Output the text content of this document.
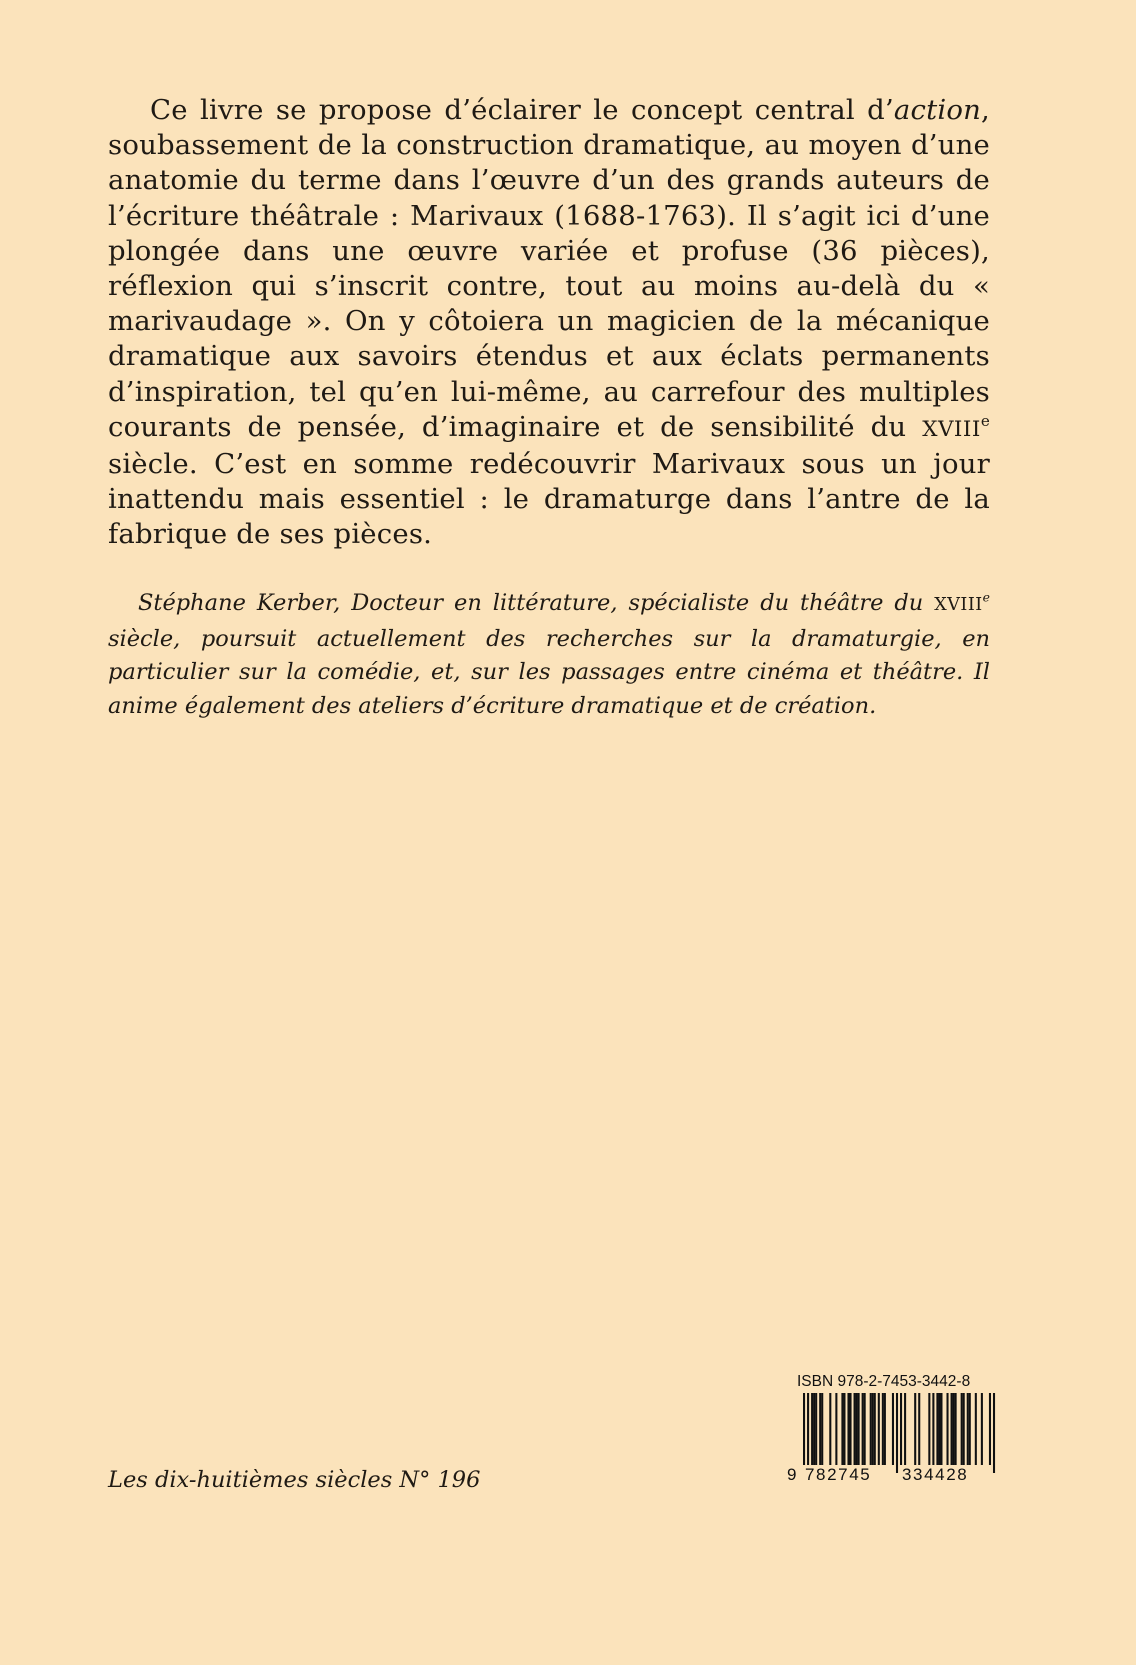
Ce livre se propose d’éclairer le concept central d’action, soubassement de la construction dramatique, au moyen d’une anatomie du terme dans l’œuvre d’un des grands auteurs de l’écriture théâtrale : Marivaux (1688-1763). Il s’agit ici d’une plongée dans une œuvre variée et profuse (36 pièces), réflexion qui s’inscrit contre, tout au moins au-delà du « marivaudage ». On y côtoiera un magicien de la mécanique dramatique aux savoirs étendus et aux éclats permanents d’inspiration, tel qu’en lui-même, au carrefour des multiples courants de pensée, d’imaginaire et de sensibilité du XVIIIe siècle. C’est en somme redécouvrir Marivaux sous un jour inattendu mais essentiel : le dramaturge dans l’antre de la fabrique de ses pièces.

Stéphane Kerber, Docteur en littérature, spécialiste du théâtre du XVIIIe siècle, poursuit actuellement des recherches sur la dramaturgie, en particulier sur la comédie, et, sur les passages entre cinéma et théâtre. Il anime également des ateliers d’écriture dramatique et de création.

Les dix-huitièmes siècles N° 196
ISBN 978-2-7453-3442-8
9 782745 334428
